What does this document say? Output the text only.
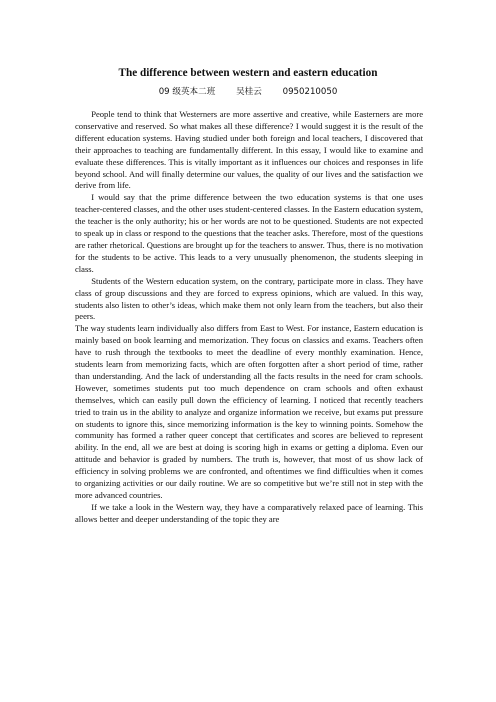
The difference between western and eastern education
09 级英本二班 吴桂云 0950210050

People tend to think that Westerners are more assertive and creative, while Easterners are more conservative and reserved. So what makes all these difference? I would suggest it is the result of the different education systems. Having studied under both foreign and local teachers, I discovered that their approaches to teaching are fundamentally different. In this essay, I would like to examine and evaluate these differences. This is vitally important as it influences our choices and responses in life beyond school. And will finally determine our values, the quality of our lives and the satisfaction we derive from life.

I would say that the prime difference between the two education systems is that one uses teacher-centered classes, and the other uses student-centered classes. In the Eastern education system, the teacher is the only authority; his or her words are not to be questioned. Students are not expected to speak up in class or respond to the questions that the teacher asks. Therefore, most of the questions are rather rhetorical. Questions are brought up for the teachers to answer. Thus, there is no motivation for the students to be active. This leads to a very unusually phenomenon, the students sleeping in class.

Students of the Western education system, on the contrary, participate more in class. They have class of group discussions and they are forced to express opinions, which are valued. In this way, students also listen to other’s ideas, which make them not only learn from the teachers, but also their peers.

The way students learn individually also differs from East to West. For instance, Eastern education is mainly based on book learning and memorization. They focus on classics and exams. Teachers often have to rush through the textbooks to meet the deadline of every monthly examination. Hence, students learn from memorizing facts, which are often forgotten after a short period of time, rather than understanding. And the lack of understanding all the facts results in the need for cram schools. However, sometimes students put too much dependence on cram schools and often exhaust themselves, which can easily pull down the efficiency of learning. I noticed that recently teachers tried to train us in the ability to analyze and organize information we receive, but exams put pressure on students to ignore this, since memorizing information is the key to winning points. Somehow the community has formed a rather queer concept that certificates and scores are believed to represent ability. In the end, all we are best at doing is scoring high in exams or getting a diploma. Even our attitude and behavior is graded by numbers. The truth is, however, that most of us show lack of efficiency in solving problems we are confronted, and oftentimes we find difficulties when it comes to organizing activities or our daily routine. We are so competitive but we’re still not in step with the more advanced countries.

If we take a look in the Western way, they have a comparatively relaxed pace of learning. This allows better and deeper understanding of the topic they are
